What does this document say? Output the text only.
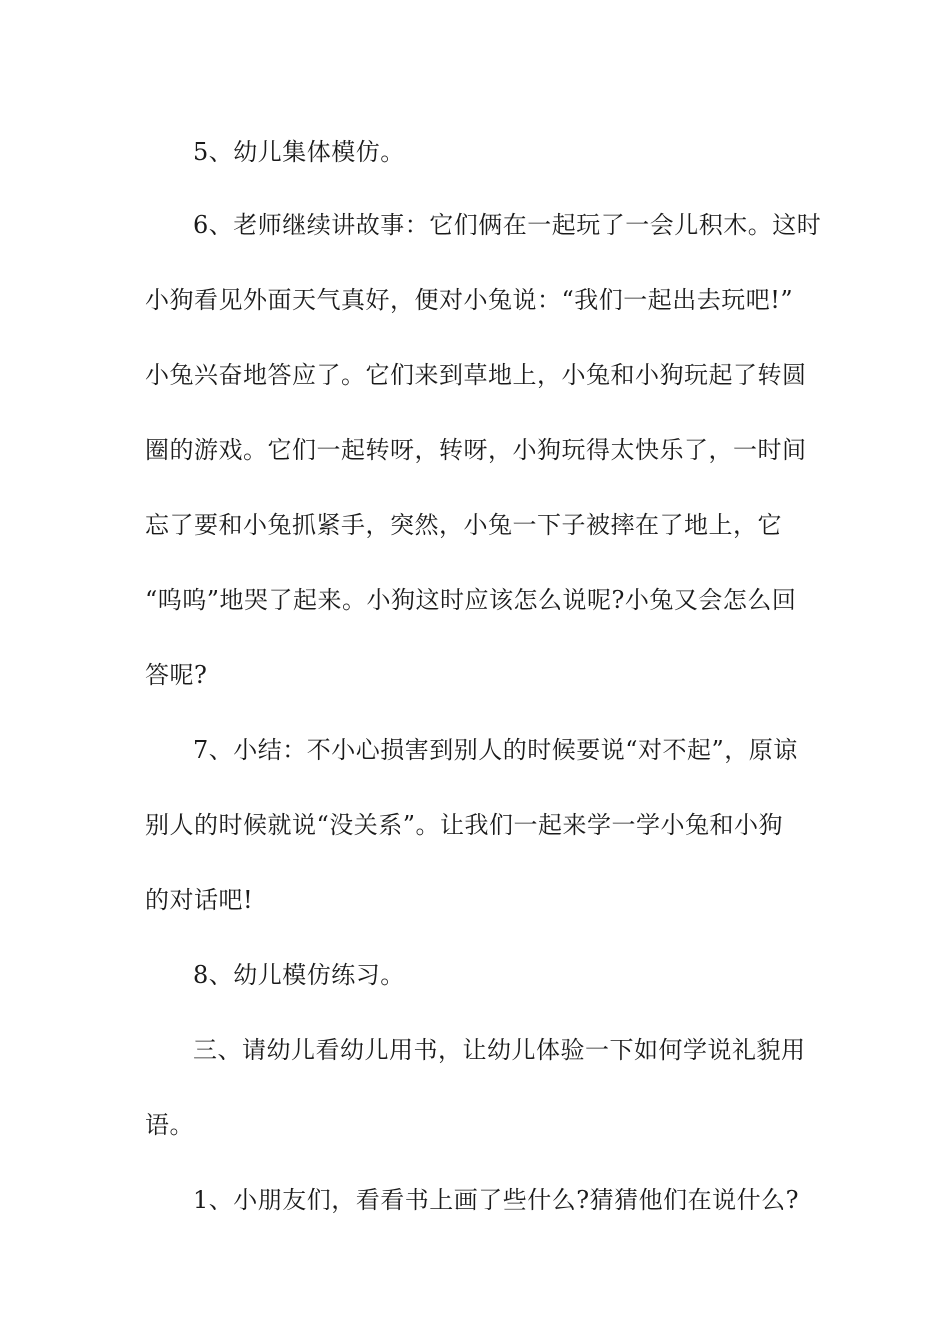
5、幼儿集体模仿。
6、老师继续讲故事：它们俩在一起玩了一会儿积木。这时
小狗看见外面天气真好，便对小兔说：“我们一起出去玩吧!”
小兔兴奋地答应了。它们来到草地上，小兔和小狗玩起了转圆
圈的游戏。它们一起转呀，转呀，小狗玩得太快乐了，一时间
忘了要和小兔抓紧手，突然，小兔一下子被摔在了地上，它
“呜呜”地哭了起来。小狗这时应该怎么说呢?小兔又会怎么回
答呢?
7、小结：不小心损害到别人的时候要说“对不起”，原谅
别人的时候就说“没关系”。让我们一起来学一学小兔和小狗
的对话吧!
8、幼儿模仿练习。
三、请幼儿看幼儿用书，让幼儿体验一下如何学说礼貌用
语。
1、小朋友们，看看书上画了些什么?猜猜他们在说什么?
